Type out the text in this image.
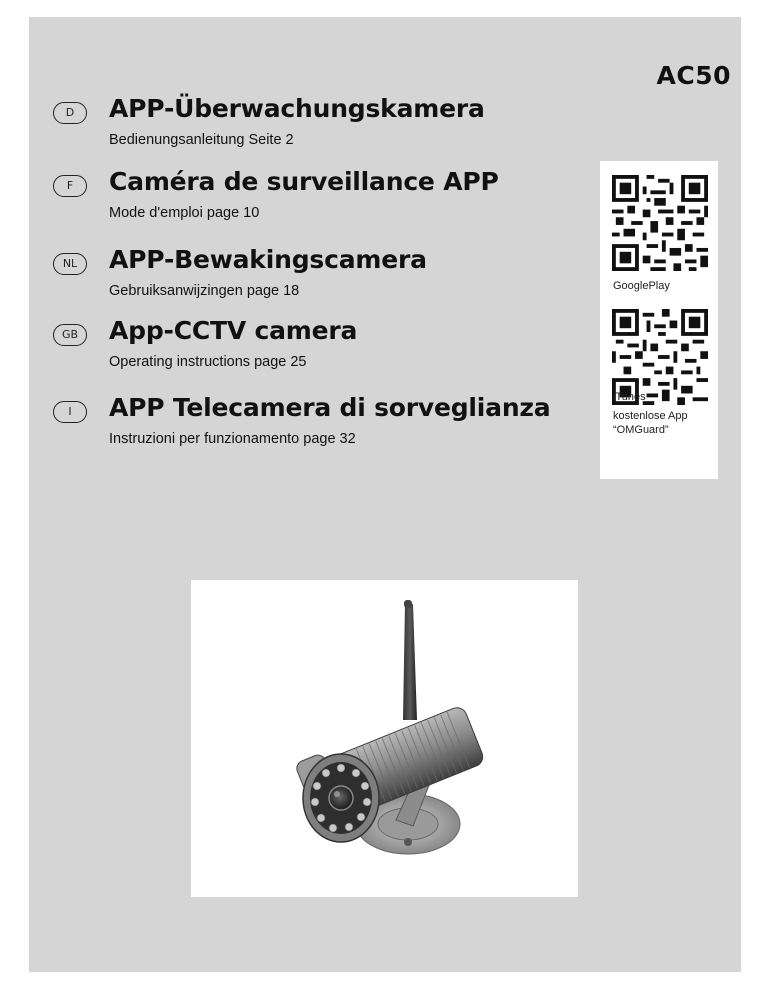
AC50
D	APP-Überwachungskamera
Bedienungsanleitung Seite 2
F	Caméra de surveillance APP
Mode d'emploi page 10
NL	APP-Bewakingscamera
Gebruiksanwijzingen page 18
GB	App-CCTV camera
Operating instructions page 25
I	APP Telecamera di sorveglianza
Instruzioni per funzionamento page 32
GooglePlay
iTunes
kostenlose App
“OMGuard”
